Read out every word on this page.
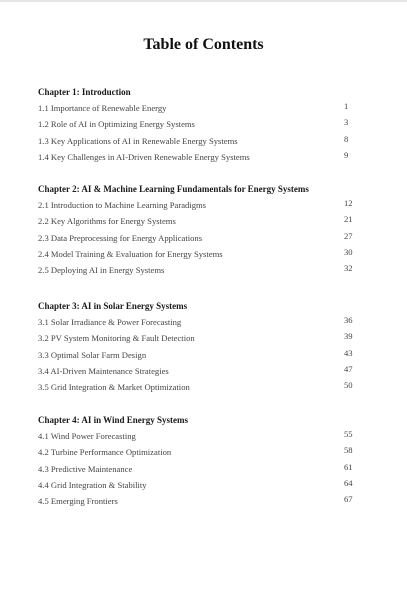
Table of Contents
Chapter 1: Introduction
1.1 Importance of Renewable Energy	1
1.2 Role of AI in Optimizing Energy Systems	3
1.3 Key Applications of AI in Renewable Energy Systems	8
1.4 Key Challenges in AI-Driven Renewable Energy Systems	9
Chapter 2: AI & Machine Learning Fundamentals for Energy Systems
2.1 Introduction to Machine Learning Paradigms	12
2.2 Key Algorithms for Energy Systems	21
2.3 Data Preprocessing for Energy Applications	27
2.4 Model Training & Evaluation for Energy Systems	30
2.5 Deploying AI in Energy Systems	32
Chapter 3: AI in Solar Energy Systems
3.1 Solar Irradiance & Power Forecasting	36
3.2 PV System Monitoring & Fault Detection	39
3.3 Optimal Solar Farm Design	43
3.4 AI-Driven Maintenance Strategies	47
3.5 Grid Integration & Market Optimization	50
Chapter 4: AI in Wind Energy Systems
4.1 Wind Power Forecasting	55
4.2 Turbine Performance Optimization	58
4.3 Predictive Maintenance	61
4.4 Grid Integration & Stability	64
4.5 Emerging Frontiers	67
